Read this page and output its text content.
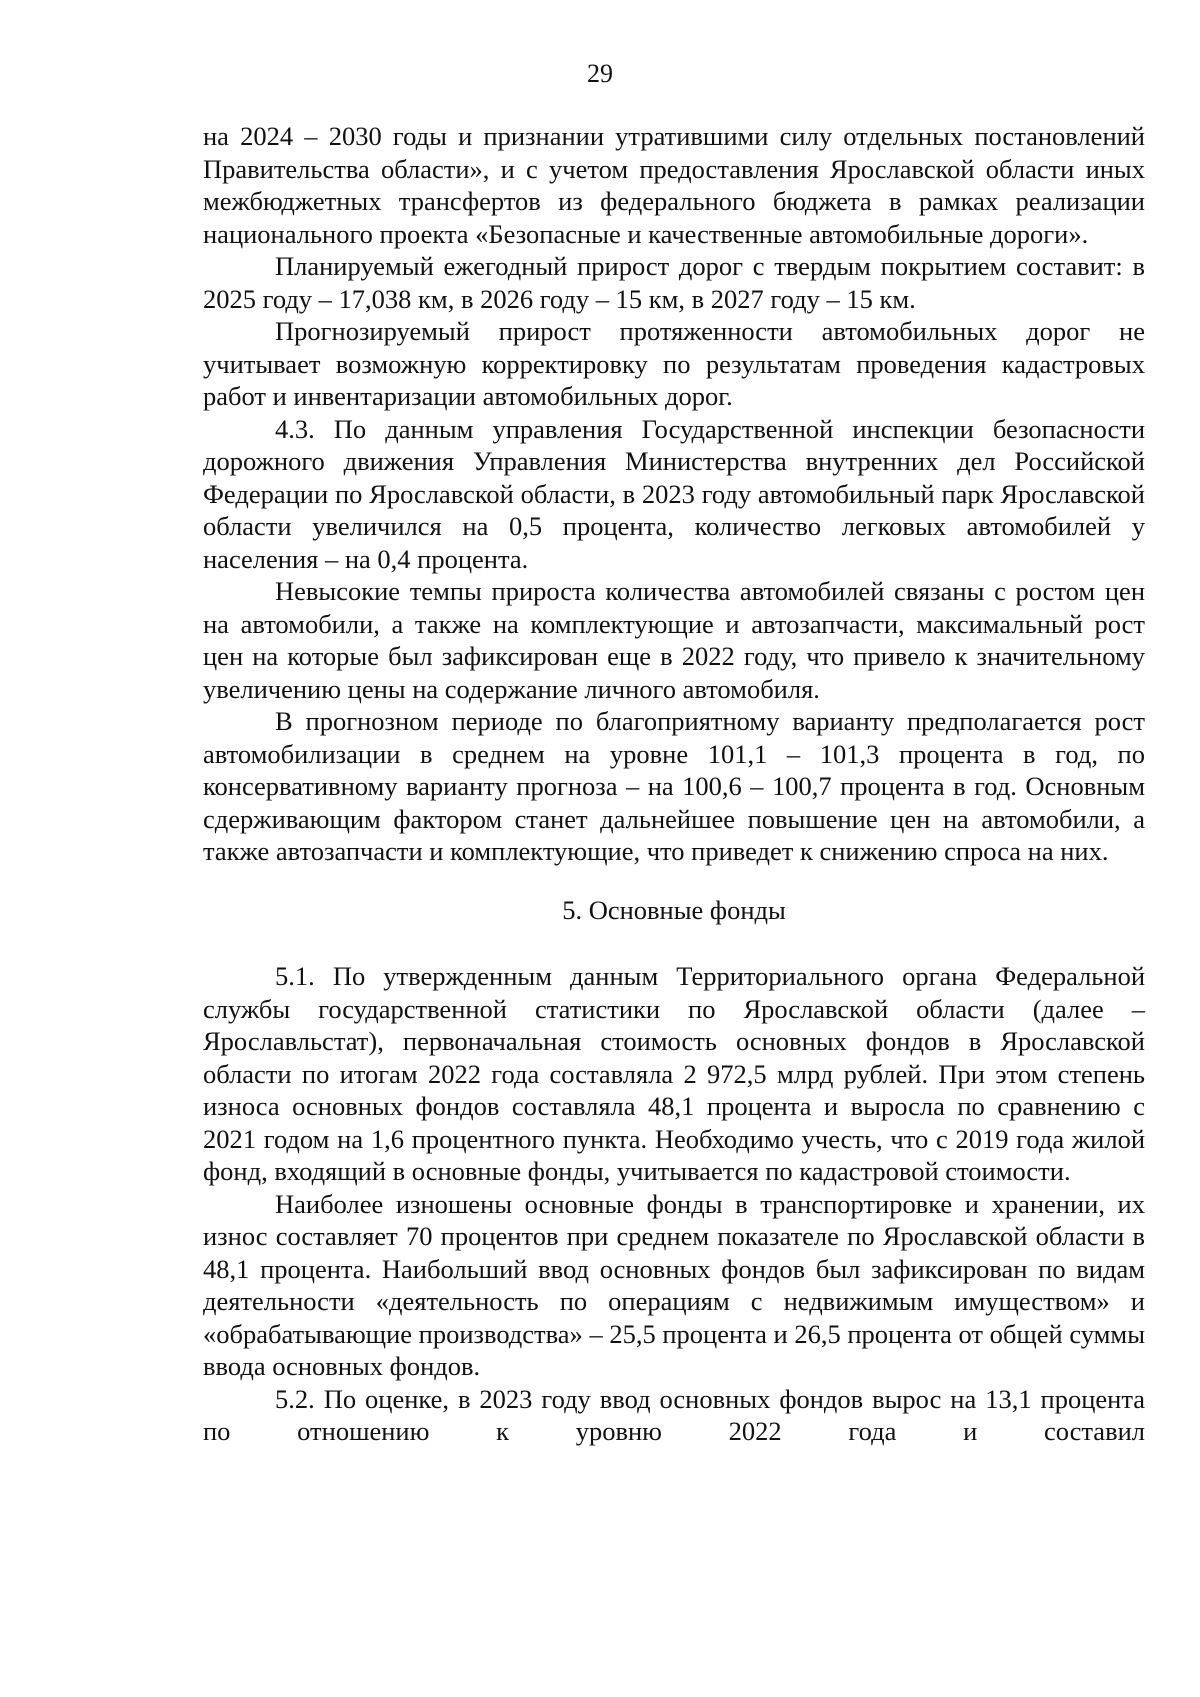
29

на 2024 – 2030 годы и признании утратившими силу отдельных постановлений Правительства области», и с учетом предоставления Ярославской области иных межбюджетных трансфертов из федерального бюджета в рамках реализации национального проекта «Безопасные и качественные автомобильные дороги».

Планируемый ежегодный прирост дорог с твердым покрытием составит: в 2025 году – 17,038 км, в 2026 году – 15 км, в 2027 году – 15 км.

Прогнозируемый прирост протяженности автомобильных дорог не учитывает возможную корректировку по результатам проведения кадастровых работ и инвентаризации автомобильных дорог.

4.3. По данным управления Государственной инспекции безопасности дорожного движения Управления Министерства внутренних дел Российской Федерации по Ярославской области, в 2023 году автомобильный парк Ярославской области увеличился на 0,5 процента, количество легковых автомобилей у населения – на 0,4 процента.

Невысокие темпы прироста количества автомобилей связаны с ростом цен на автомобили, а также на комплектующие и автозапчасти, максимальный рост цен на которые был зафиксирован еще в 2022 году, что привело к значительному увеличению цены на содержание личного автомобиля.

В прогнозном периоде по благоприятному варианту предполагается рост автомобилизации в среднем на уровне 101,1 – 101,3 процента в год, по консервативному варианту прогноза – на 100,6 – 100,7 процента в год. Основным сдерживающим фактором станет дальнейшее повышение цен на автомобили, а также автозапчасти и комплектующие, что приведет к снижению спроса на них.

5. Основные фонды

5.1. По утвержденным данным Территориального органа Федеральной службы государственной статистики по Ярославской области (далее – Ярославльстат), первоначальная стоимость основных фондов в Ярославской области по итогам 2022 года составляла 2 972,5 млрд рублей. При этом степень износа основных фондов составляла 48,1 процента и выросла по сравнению с 2021 годом на 1,6 процентного пункта. Необходимо учесть, что с 2019 года жилой фонд, входящий в основные фонды, учитывается по кадастровой стоимости.

Наиболее изношены основные фонды в транспортировке и хранении, их износ составляет 70 процентов при среднем показателе по Ярославской области в 48,1 процента. Наибольший ввод основных фондов был зафиксирован по видам деятельности «деятельность по операциям с недвижимым имуществом» и «обрабатывающие производства» – 25,5 процента и 26,5 процента от общей суммы ввода основных фондов.

5.2. По оценке, в 2023 году ввод основных фондов вырос на 13,1 процента по отношению к уровню 2022 года и составил
